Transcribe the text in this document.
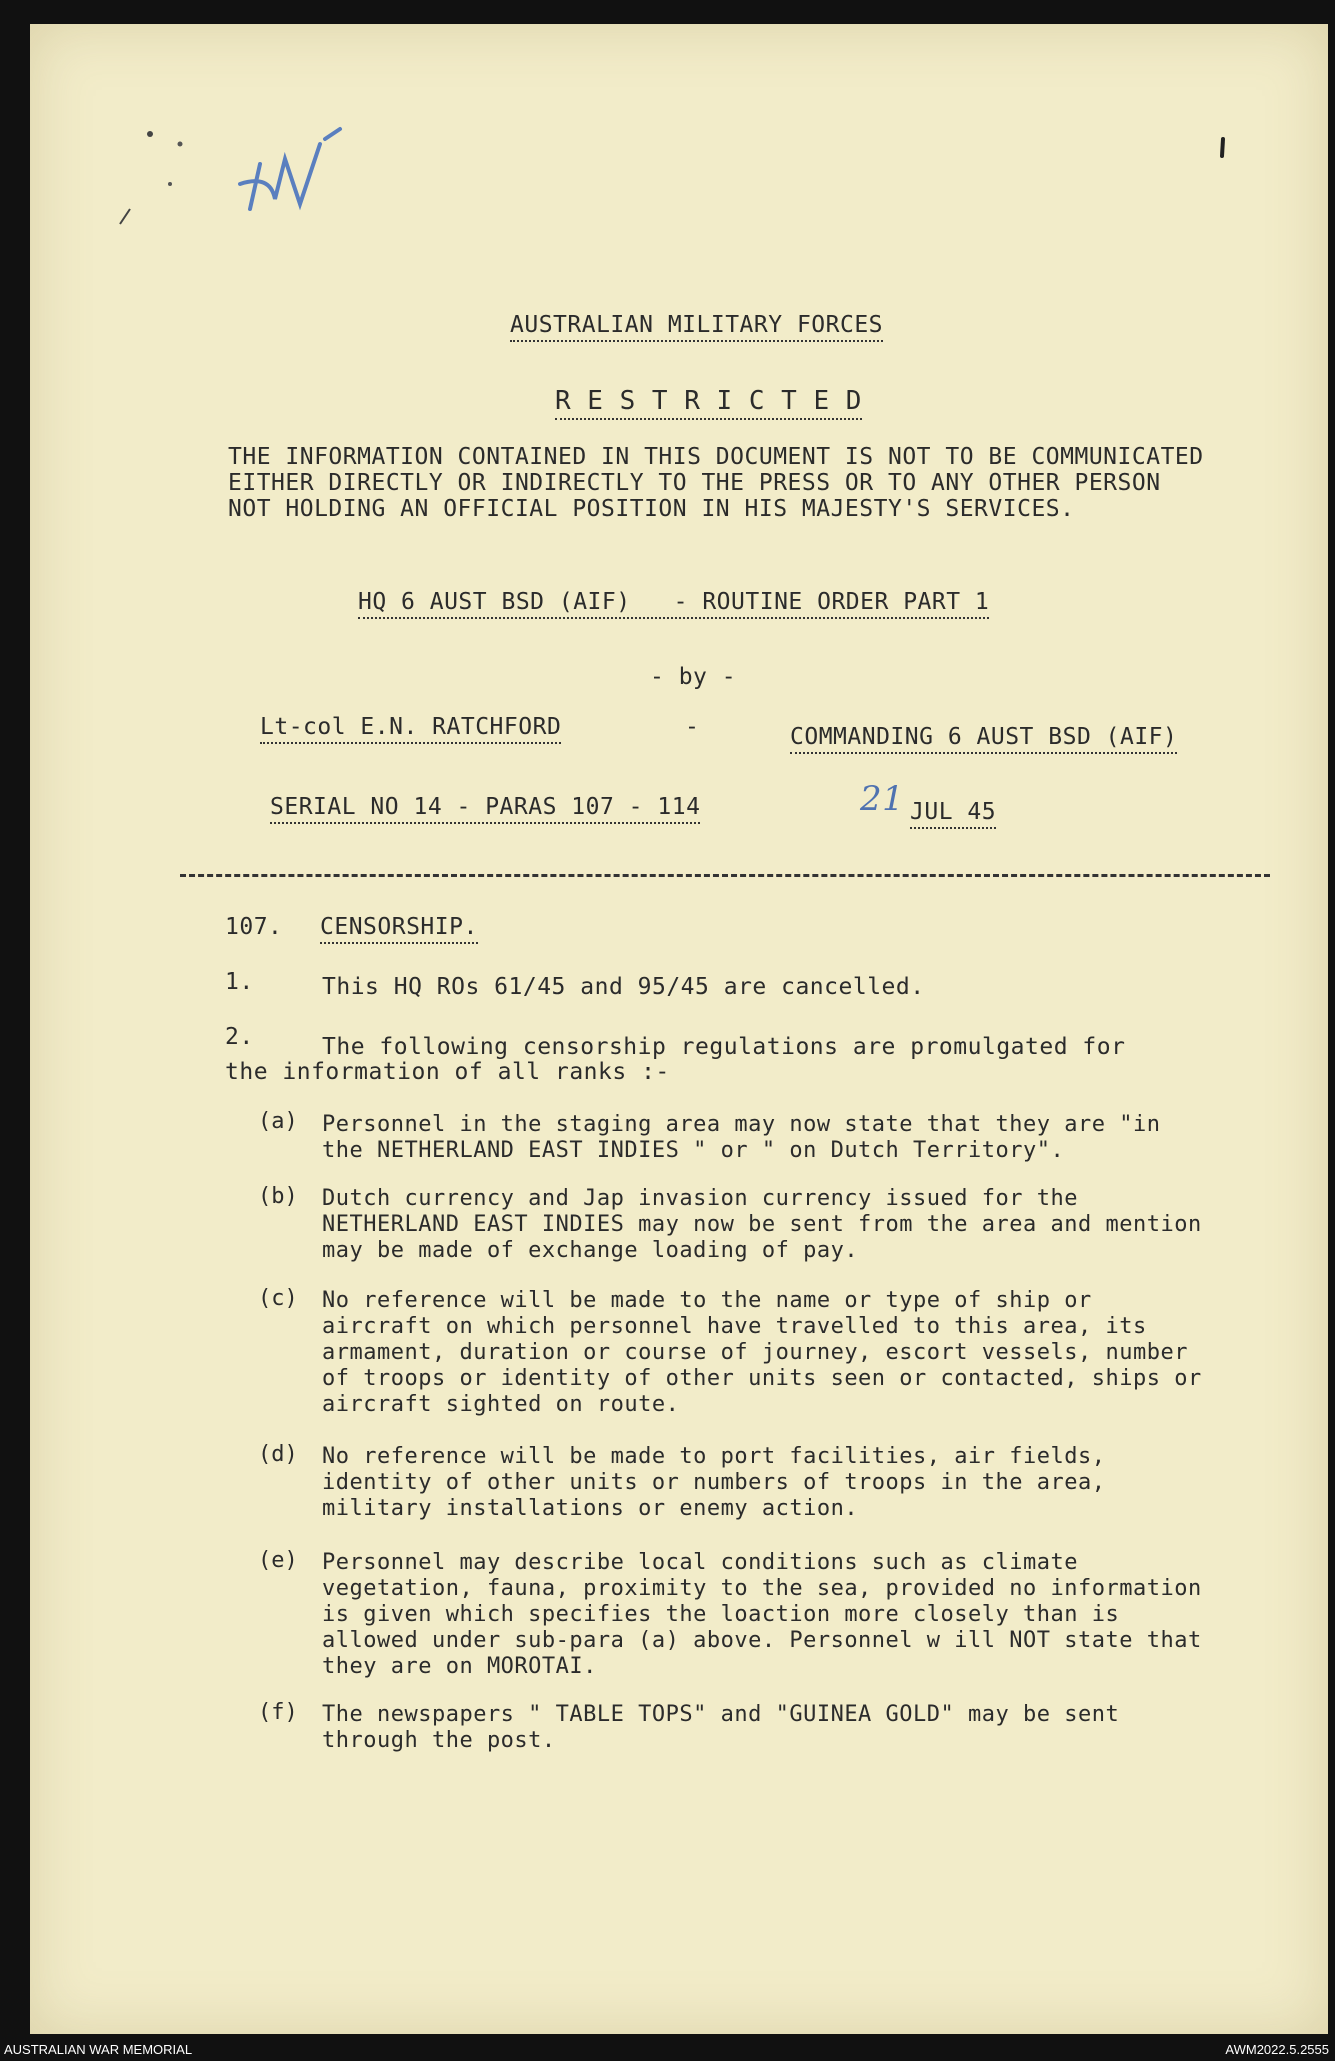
AUSTRALIAN MILITARY FORCES
R E S T R I C T E D
THE INFORMATION CONTAINED IN THIS DOCUMENT IS NOT TO BE COMMUNICATED
EITHER DIRECTLY OR INDIRECTLY TO THE PRESS OR TO ANY OTHER PERSON
NOT HOLDING AN OFFICIAL POSITION IN HIS MAJESTY'S SERVICES.
HQ 6 AUST BSD (AIF)   - ROUTINE ORDER PART 1
- by -
Lt-col E.N. RATCHFORD	-	COMMANDING 6 AUST BSD (AIF)
SERIAL NO 14 - PARAS 107 - 114	21 JUL 45
107. CENSORSHIP.
1.	This HQ ROs 61/45 and 95/45 are cancelled.
2.	The following censorship regulations are promulgated for
the information of all ranks :-
(a) Personnel in the staging area may now state that they are "in the NETHERLAND EAST INDIES " or " on Dutch Territory".
(b) Dutch currency and Jap invasion currency issued for the NETHERLAND EAST INDIES may now be sent from the area and mention may be made of exchange loading of pay.
(c) No reference will be made to the name or type of ship or aircraft on which personnel have travelled to this area, its armament, duration or course of journey, escort vessels, number of troops or identity of other units seen or contacted, ships or aircraft sighted on route.
(d) No reference will be made to port facilities, air fields, identity of other units or numbers of troops in the area, military installations or enemy action.
(e) Personnel may describe local conditions such as climate vegetation, fauna, proximity to the sea, provided no information is given which specifies the loaction more closely than is allowed under sub-para (a) above. Personnel w ill NOT state that they are on MOROTAI.
(f) The newspapers " TABLE TOPS" and "GUINEA GOLD" may be sent through the post.
AUSTRALIAN WAR MEMORIAL	AWM2022.5.2555
